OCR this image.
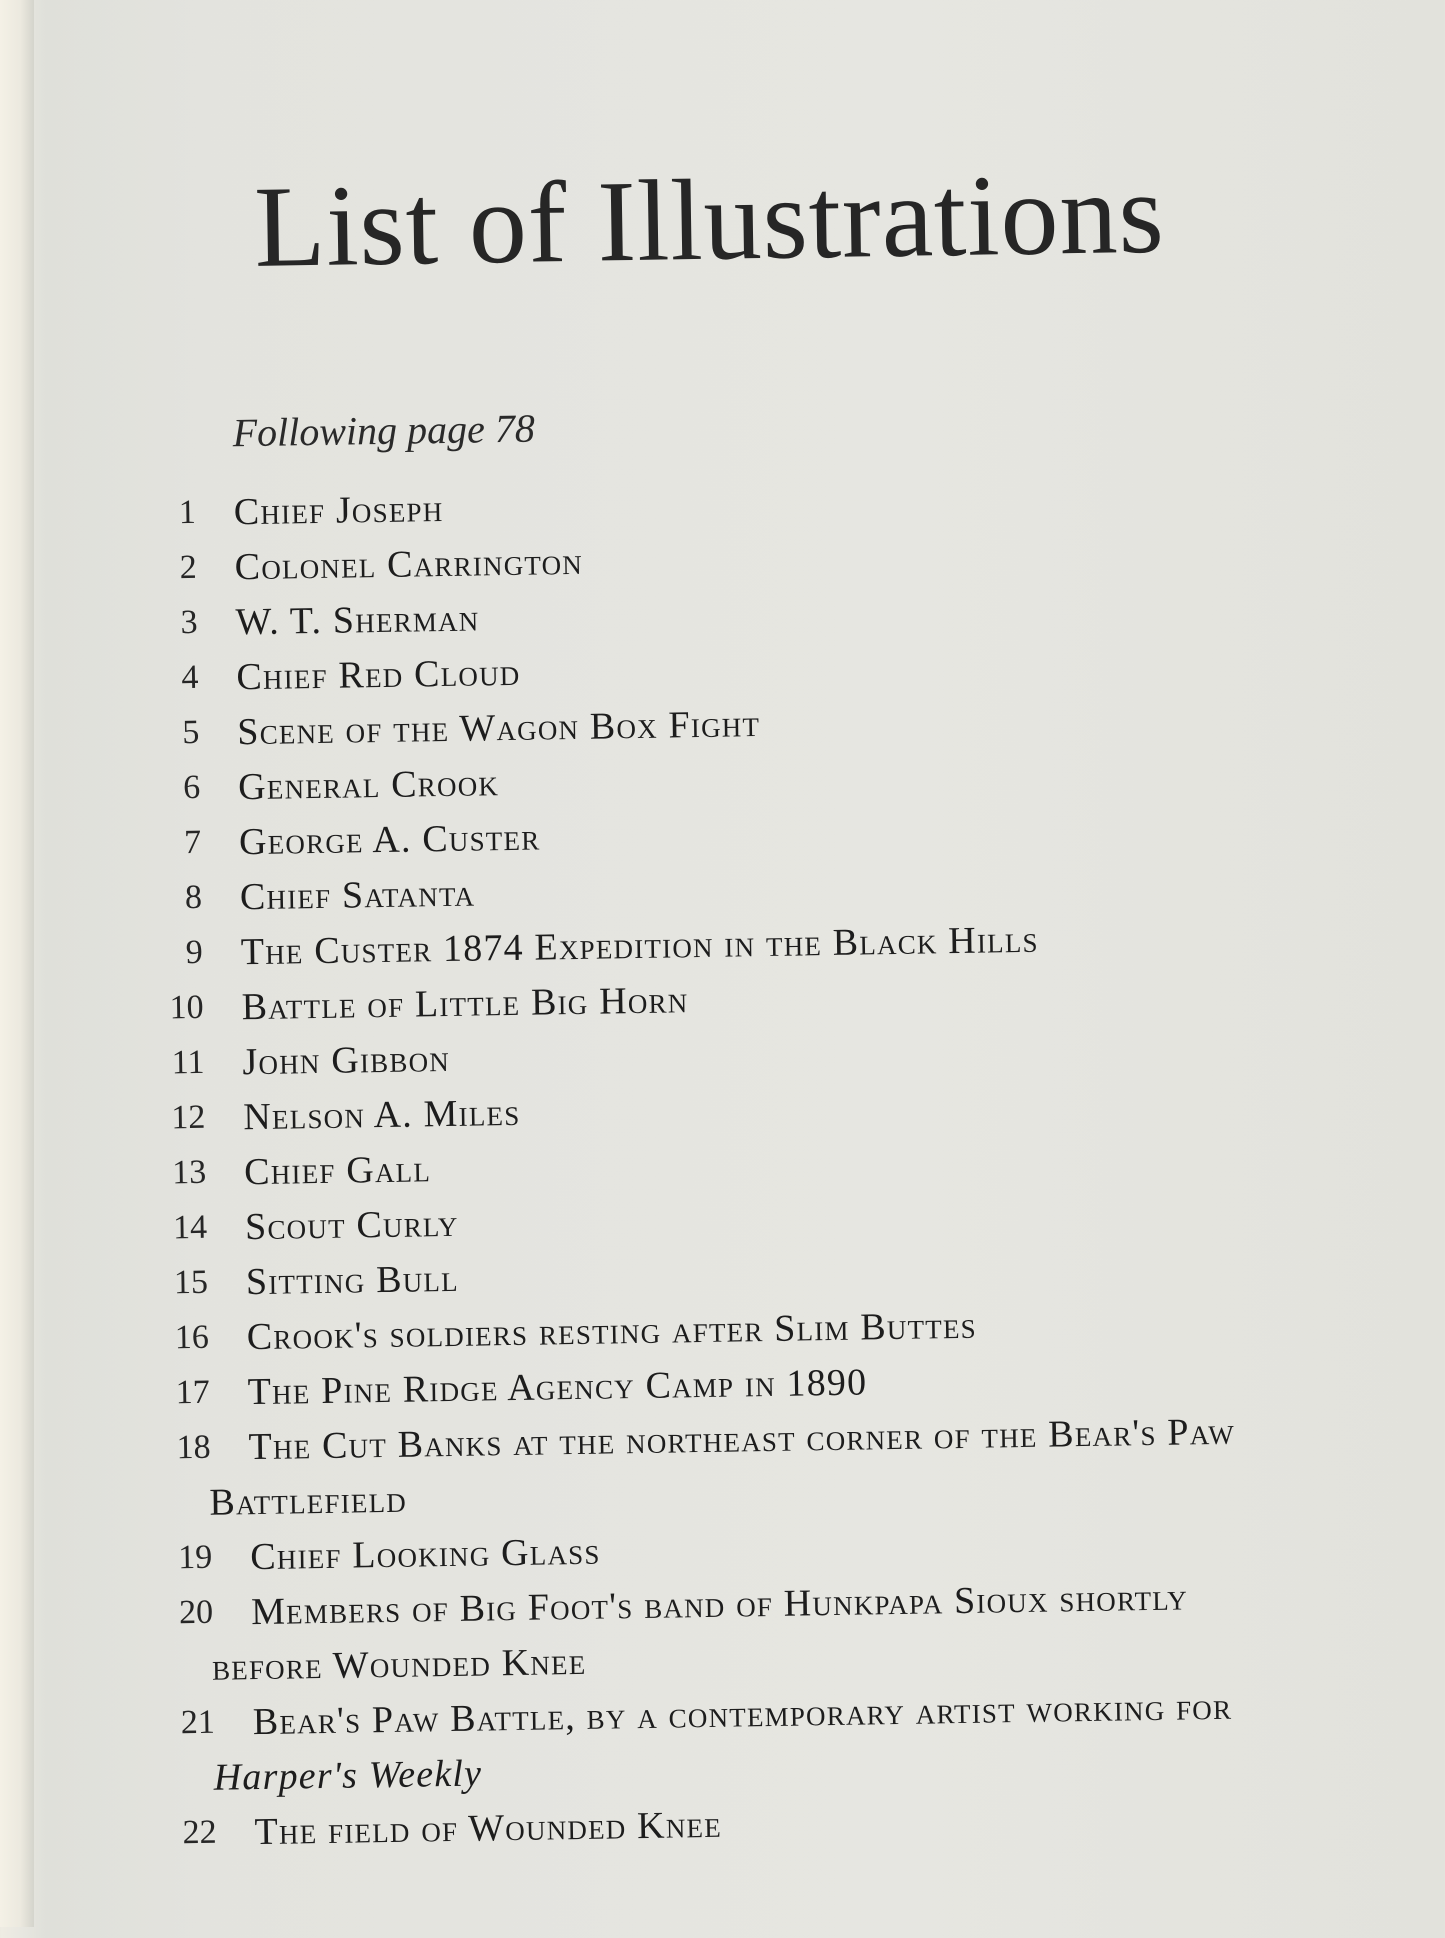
List of Illustrations
Following page 78
1 Chief Joseph
2 Colonel Carrington
3 W. T. Sherman
4 Chief Red Cloud
5 Scene of the Wagon Box Fight
6 General Crook
7 George A. Custer
8 Chief Satanta
9 The Custer 1874 Expedition in the Black Hills
10 Battle of Little Big Horn
11 John Gibbon
12 Nelson A. Miles
13 Chief Gall
14 Scout Curly
15 Sitting Bull
16 Crook's soldiers resting after Slim Buttes
17 The Pine Ridge Agency Camp in 1890
18 The Cut Banks at the northeast corner of the Bear's Paw
Battlefield
19 Chief Looking Glass
20 Members of Big Foot's band of Hunkpapa Sioux shortly
before Wounded Knee
21 Bear's Paw Battle, by a contemporary artist working for
Harper's Weekly
22 The field of Wounded Knee
